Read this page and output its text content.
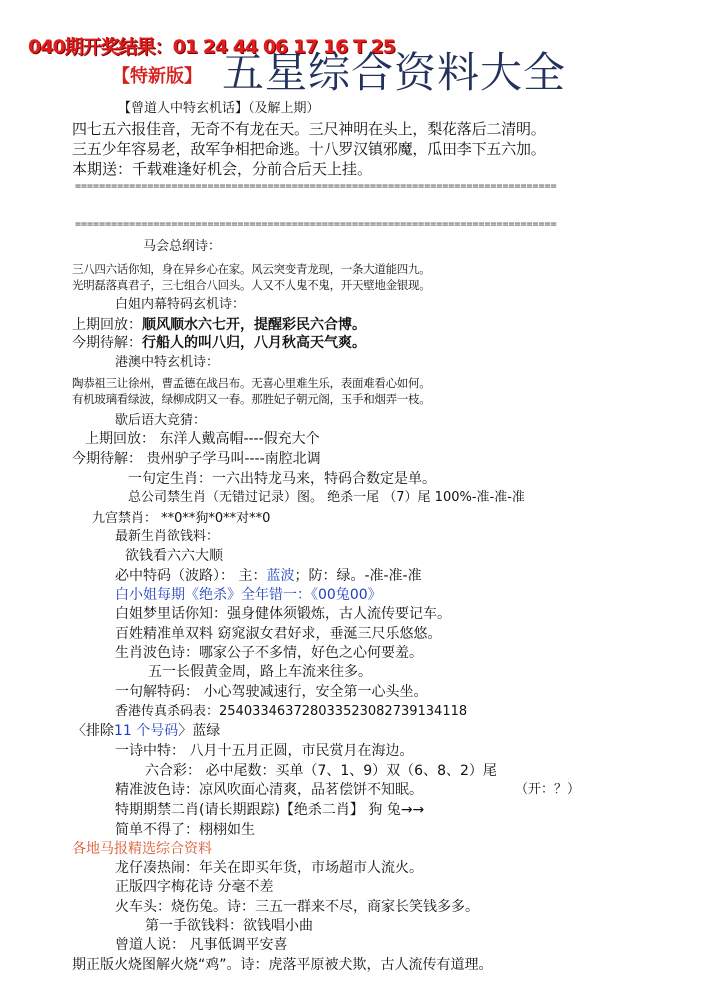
040期开奖结果：01 24 44 06 17 16 T 25
【特新版】 五星综合资料大全
【曾道人中特玄机话】（及解上期）
四七五六报佳音，无奇不有龙在天。三尺神明在头上，梨花落后二清明。
三五少年容易老，敌军争相把命逃。十八罗汉镇邪魔，瓜田李下五六加。
本期送：千载难逢好机会，分前合后天上挂。
================================================================================
================================================================================
马会总纲诗：
三八四六话你知，身在异乡心在家。风云突变青龙现，一条大道能四九。
光明磊落真君子，三七组合八回头。人又不人鬼不鬼，开天壁地金银现。
白姐内幕特码玄机诗：
上期回放：顺风顺水六七开，提醒彩民六合博。
今期待解：行船人的叫八归，八月秋高天气爽。
港澳中特玄机诗：
陶恭祖三让徐州，曹孟德在战吕布。无喜心里难生乐，表面难看心如何。
有机玻璃看绿波，绿柳成阴又一春。那胜妃子朝元阁，玉手和烟弄一枝。
歇后语大竞猜：
上期回放： 东洋人戴高帽----假充大个
今期待解： 贵州驴子学马叫----南腔北调
一句定生肖：一六出特龙马来，特码合数定是单。
总公司禁生肖（无错过记录）图。 绝杀一尾 （7）尾 100%-准-准-准
九宫禁肖： **0**狗*0**对**0
最新生肖欲钱料：
欲钱看六六大顺
必中特码（波路）： 主：蓝波；防：绿。-准-准-准
白小姐每期《绝杀》全年错一：《00兔00》
白姐梦里话你知：强身健体须锻炼，古人流传要记车。
百姓精准单双料 窈窕淑女君好求，垂涎三尺乐悠悠。
生肖波色诗：哪家公子不多情，好色之心何要羞。
五一长假黄金周，路上车流来往多。
一句解特码： 小心驾驶减速行，安全第一心头坐。
香港传真杀码表：25403346372803352308273913411​8
〈排除11 个号码〉蓝绿
一诗中特： 八月十五月正圆，市民赏月在海边。
六合彩： 必中尾数：买单（7、1、9）双（6、8、2）尾
精准波色诗：凉风吹面心清爽，品茗偿饼不知眠。	（开：？）
特期期禁二肖(请长期跟踪)【绝杀二肖】 狗 兔→→
简单不得了：栩栩如生
各地马报精选综合资料
龙仔凑热闹：年关在即买年货，市场超市人流火。
正版四字梅花诗 分毫不差
火车头：烧伤兔。诗：三五一群来不尽，商家长笑钱多多。
第一手欲钱料：欲钱唱小曲
曾道人说： 凡事低调平安喜
期正版火烧图解火烧“鸡”。诗：虎落平原被犬欺，古人流传有道理。
